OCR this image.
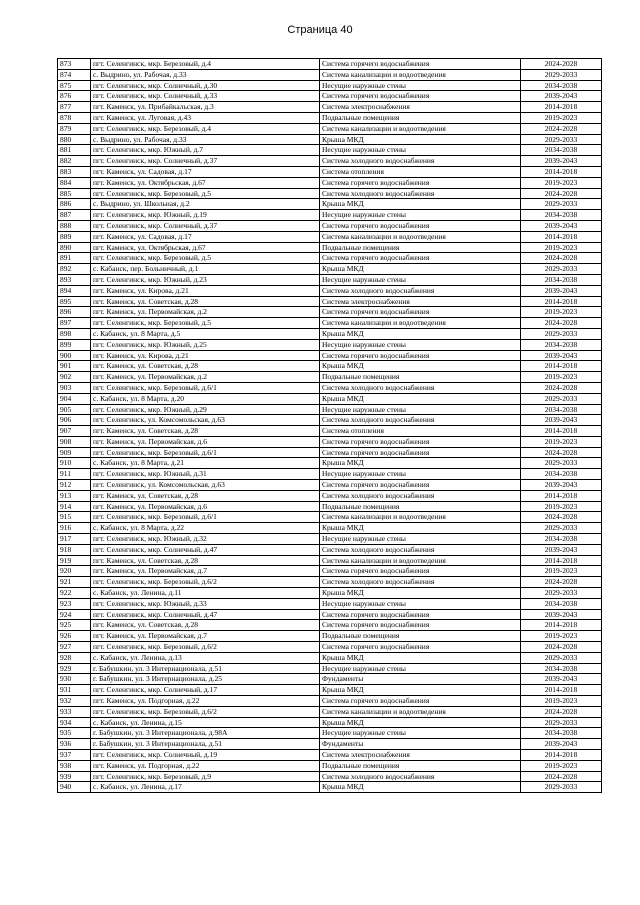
Страница 40
873	пгт. Селенгинск, мкр. Березовый, д.4	Система горячего водоснабжения	2024-2028
874	с. Выдрино, ул. Рабочая, д.33	Система канализации и водоотведения	2029-2033
875	пгт. Селенгинск, мкр. Солнечный, д.30	Несущие наружные стены	2034-2038
876	пгт. Селенгинск, мкр. Солнечный, д.33	Система горячего водоснабжения	2039-2043
877	пгт. Каменск, ул. Прибайкальская, д.3	Система электроснабжения	2014-2018
878	пгт. Каменск, ул. Луговая, д.43	Подвальные помещения	2019-2023
879	пгт. Селенгинск, мкр. Березовый, д.4	Система канализации и водоотведения	2024-2028
880	с. Выдрино, ул. Рабочая, д.33	Крыша МКД	2029-2033
881	пгт. Селенгинск, мкр. Южный, д.7	Несущие наружные стены	2034-2038
882	пгт. Селенгинск, мкр. Солнечный, д.37	Система холодного водоснабжения	2039-2043
883	пгт. Каменск, ул. Садовая, д.17	Система отопления	2014-2018
884	пгт. Каменск, ул. Октябрьская, д.67	Система горячего водоснабжения	2019-2023
885	пгт. Селенгинск, мкр. Березовый, д.5	Система холодного водоснабжения	2024-2028
886	с. Выдрино, ул. Школьная, д.2	Крыша МКД	2029-2033
887	пгт. Селенгинск, мкр. Южный, д.19	Несущие наружные стены	2034-2038
888	пгт. Селенгинск, мкр. Солнечный, д.37	Система горячего водоснабжения	2039-2043
889	пгт. Каменск, ул. Садовая, д.17	Система канализации и водоотведения	2014-2018
890	пгт. Каменск, ул. Октябрьская, д.67	Подвальные помещения	2019-2023
891	пгт. Селенгинск, мкр. Березовый, д.5	Система горячего водоснабжения	2024-2028
892	с. Кабанск, пер. Больничный, д.1	Крыша МКД	2029-2033
893	пгт. Селенгинск, мкр. Южный, д.23	Несущие наружные стены	2034-2038
894	пгт. Каменск, ул. Кирова, д.21	Система холодного водоснабжения	2039-2043
895	пгт. Каменск, ул. Советская, д.28	Система электроснабжения	2014-2018
896	пгт. Каменск, ул. Первомайская, д.2	Система горячего водоснабжения	2019-2023
897	пгт. Селенгинск, мкр. Березовый, д.5	Система канализации и водоотведения	2024-2028
898	с. Кабанск, ул. 8 Марта, д.5	Крыша МКД	2029-2033
899	пгт. Селенгинск, мкр. Южный, д.25	Несущие наружные стены	2034-2038
900	пгт. Каменск, ул. Кирова, д.21	Система горячего водоснабжения	2039-2043
901	пгт. Каменск, ул. Советская, д.28	Крыша МКД	2014-2018
902	пгт. Каменск, ул. Первомайская, д.2	Подвальные помещения	2019-2023
903	пгт. Селенгинск, мкр. Березовый, д.6/1	Система холодного водоснабжения	2024-2028
904	с. Кабанск, ул. 8 Марта, д.20	Крыша МКД	2029-2033
905	пгт. Селенгинск, мкр. Южный, д.29	Несущие наружные стены	2034-2038
906	пгт. Селенгинск, ул. Комсомольская, д.63	Система холодного водоснабжения	2039-2043
907	пгт. Каменск, ул. Советская, д.28	Система отопления	2014-2018
908	пгт. Каменск, ул. Первомайская, д.6	Система горячего водоснабжения	2019-2023
909	пгт. Селенгинск, мкр. Березовый, д.6/1	Система горячего водоснабжения	2024-2028
910	с. Кабанск, ул. 8 Марта, д.21	Крыша МКД	2029-2033
911	пгт. Селенгинск, мкр. Южный, д.31	Несущие наружные стены	2034-2038
912	пгт. Селенгинск, ул. Комсомольская, д.63	Система горячего водоснабжения	2039-2043
913	пгт. Каменск, ул. Советская, д.28	Система холодного водоснабжения	2014-2018
914	пгт. Каменск, ул. Первомайская, д.6	Подвальные помещения	2019-2023
915	пгт. Селенгинск, мкр. Березовый, д.6/1	Система канализации и водоотведения	2024-2028
916	с. Кабанск, ул. 8 Марта, д.22	Крыша МКД	2029-2033
917	пгт. Селенгинск, мкр. Южный, д.32	Несущие наружные стены	2034-2038
918	пгт. Селенгинск, мкр. Солнечный, д.47	Система холодного водоснабжения	2039-2043
919	пгт. Каменск, ул. Советская, д.28	Система канализации и водоотведения	2014-2018
920	пгт. Каменск, ул. Первомайская, д.7	Система горячего водоснабжения	2019-2023
921	пгт. Селенгинск, мкр. Березовый, д.6/2	Система холодного водоснабжения	2024-2028
922	с. Кабанск, ул. Ленина, д.11	Крыша МКД	2029-2033
923	пгт. Селенгинск, мкр. Южный, д.33	Несущие наружные стены	2034-2038
924	пгт. Селенгинск, мкр. Солнечный, д.47	Система горячего водоснабжения	2039-2043
925	пгт. Каменск, ул. Советская, д.28	Система горячего водоснабжения	2014-2018
926	пгт. Каменск, ул. Первомайская, д.7	Подвальные помещения	2019-2023
927	пгт. Селенгинск, мкр. Березовый, д.6/2	Система горячего водоснабжения	2024-2028
928	с. Кабанск, ул. Ленина, д.13	Крыша МКД	2029-2033
929	г. Бабушкин, ул. 3 Интернационала, д.51	Несущие наружные стены	2034-2038
930	г. Бабушкин, ул. 3 Интернационала, д.25	Фундаменты	2039-2043
931	пгт. Селенгинск, мкр. Солнечный, д.17	Крыша МКД	2014-2018
932	пгт. Каменск, ул. Подгорная, д.22	Система горячего водоснабжения	2019-2023
933	пгт. Селенгинск, мкр. Березовый, д.6/2	Система канализации и водоотведения	2024-2028
934	с. Кабанск, ул. Ленина, д.15	Крыша МКД	2029-2033
935	г. Бабушкин, ул. 3 Интернационала, д.98А	Несущие наружные стены	2034-2038
936	г. Бабушкин, ул. 3 Интернационала, д.51	Фундаменты	2039-2043
937	пгт. Селенгинск, мкр. Солнечный, д.19	Система электроснабжения	2014-2018
938	пгт. Каменск, ул. Подгорная, д.22	Подвальные помещения	2019-2023
939	пгт. Селенгинск, мкр. Березовый, д.9	Система холодного водоснабжения	2024-2028
940	с. Кабанск, ул. Ленина, д.17	Крыша МКД	2029-2033
